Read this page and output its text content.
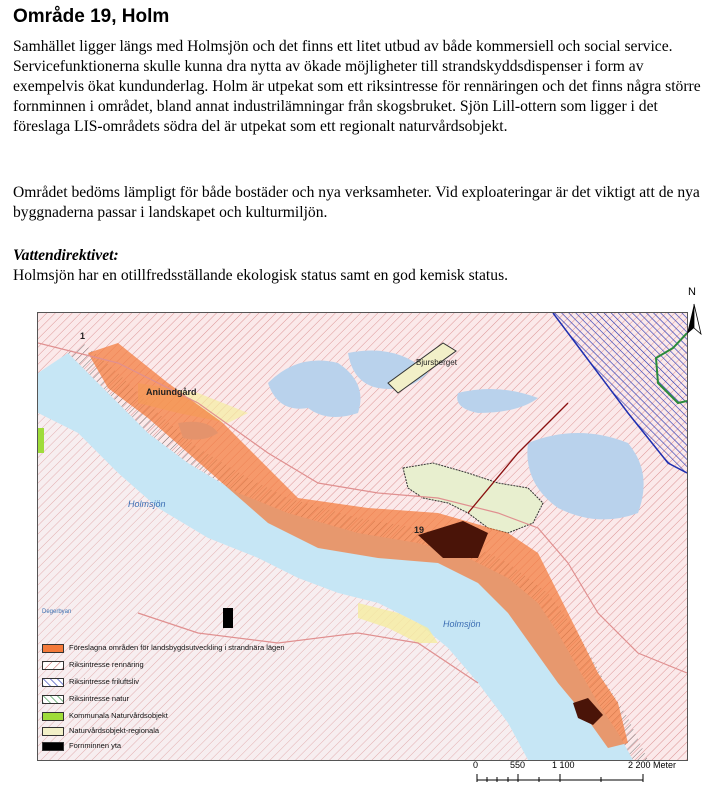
Område 19, Holm
Samhället ligger längs med Holmsjön och det finns ett litet utbud av både kommersiell och social service. Servicefunktionerna skulle kunna dra nytta av ökade möjligheter till strandskyddsdispenser i form av exempelvis ökat kundunderlag. Holm är utpekat som ett riksintresse för rennäringen och det finns några större fornminnen i området, bland annat industrilämningar från skogsbruket. Sjön Lill-ottern som ligger i det föreslaga LIS-områdets södra del är utpekat som ett regionalt naturvårdsobjekt.
Området bedöms lämpligt för både bostäder och nya verksamheter. Vid exploateringar är det viktigt att de nya byggnaderna passar i landskapet och kulturmiljön.
Vattendirektivet:
Holmsjön har en otillfredsställande ekologisk status samt en god kemisk status.
Aniundgård
Holmsjön
Holmsjön
Bjursberget
19
Degerbyan
1
N
Föreslagna områden för landsbygdsutveckling i strandnära lägen
Riksintresse rennäring
Riksintresse friluftsliv
Riksintresse natur
Kommunala Naturvårdsobjekt
Naturvårdsobjekt-regionala
Fornminnen yta
0	550	1 100	2 200 Meter
